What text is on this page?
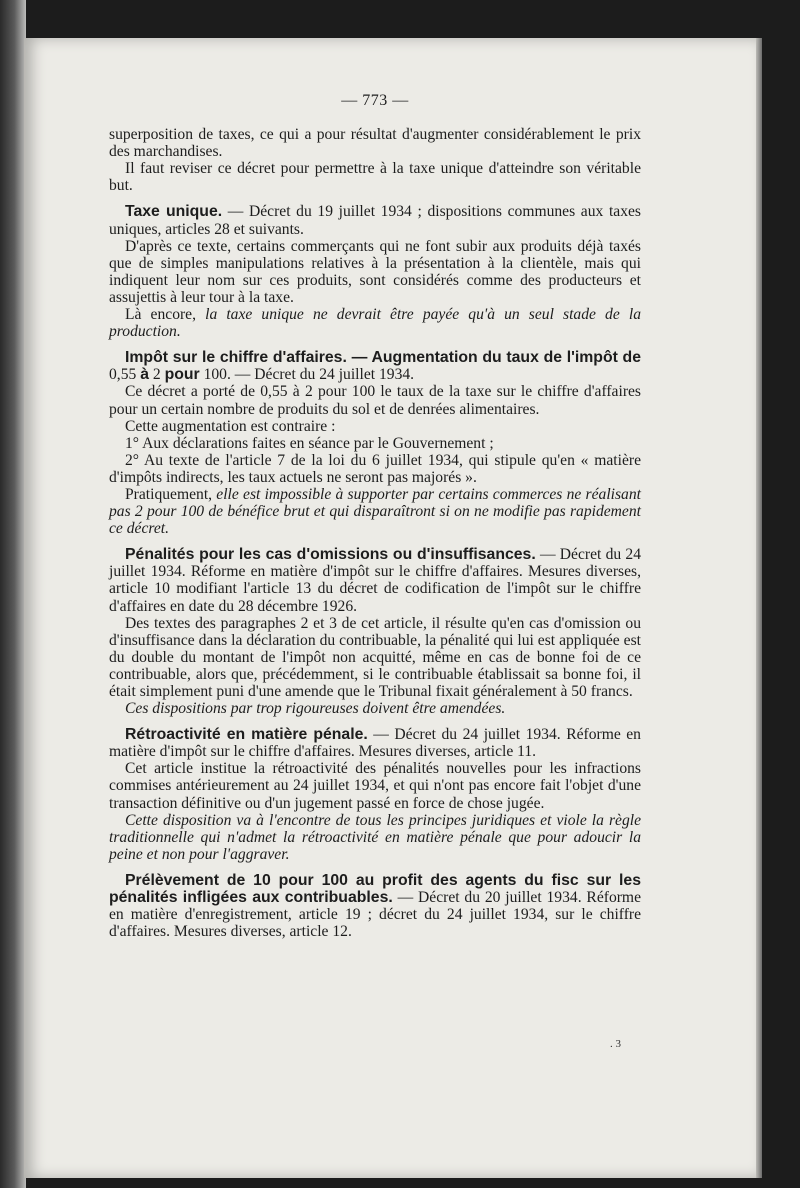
— 773 —

superposition de taxes, ce qui a pour résultat d'augmenter considérablement le prix des marchandises.

Il faut reviser ce décret pour permettre à la taxe unique d'atteindre son véritable but.

Taxe unique. — Décret du 19 juillet 1934 ; dispositions communes aux taxes uniques, articles 28 et suivants.

D'après ce texte, certains commerçants qui ne font subir aux produits déjà taxés que de simples manipulations relatives à la présentation à la clientèle, mais qui indiquent leur nom sur ces produits, sont considérés comme des producteurs et assujettis à leur tour à la taxe.

Là encore, la taxe unique ne devrait être payée qu'à un seul stade de la production.

Impôt sur le chiffre d'affaires. — Augmentation du taux de l'impôt de 0,55 à 2 pour 100. — Décret du 24 juillet 1934.

Ce décret a porté de 0,55 à 2 pour 100 le taux de la taxe sur le chiffre d'affaires pour un certain nombre de produits du sol et de denrées alimentaires.

Cette augmentation est contraire :

1° Aux déclarations faites en séance par le Gouvernement ;

2° Au texte de l'article 7 de la loi du 6 juillet 1934, qui stipule qu'en « matière d'impôts indirects, les taux actuels ne seront pas majorés ».

Pratiquement, elle est impossible à supporter par certains commerces ne réalisant pas 2 pour 100 de bénéfice brut et qui disparaîtront si on ne modifie pas rapidement ce décret.

Pénalités pour les cas d'omissions ou d'insuffisances. — Décret du 24 juillet 1934. Réforme en matière d'impôt sur le chiffre d'affaires. Mesures diverses, article 10 modifiant l'article 13 du décret de codification de l'impôt sur le chiffre d'affaires en date du 28 décembre 1926.

Des textes des paragraphes 2 et 3 de cet article, il résulte qu'en cas d'omission ou d'insuffisance dans la déclaration du contribuable, la pénalité qui lui est appliquée est du double du montant de l'impôt non acquitté, même en cas de bonne foi de ce contribuable, alors que, précédemment, si le contribuable établissait sa bonne foi, il était simplement puni d'une amende que le Tribunal fixait généralement à 50 francs.

Ces dispositions par trop rigoureuses doivent être amendées.

Rétroactivité en matière pénale. — Décret du 24 juillet 1934. Réforme en matière d'impôt sur le chiffre d'affaires. Mesures diverses, article 11.

Cet article institue la rétroactivité des pénalités nouvelles pour les infractions commises antérieurement au 24 juillet 1934, et qui n'ont pas encore fait l'objet d'une transaction définitive ou d'un jugement passé en force de chose jugée.

Cette disposition va à l'encontre de tous les principes juridiques et viole la règle traditionnelle qui n'admet la rétroactivité en matière pénale que pour adoucir la peine et non pour l'aggraver.

Prélèvement de 10 pour 100 au profit des agents du fisc sur les pénalités infligées aux contribuables. — Décret du 20 juillet 1934. Réforme en matière d'enregistrement, article 19 ; décret du 24 juillet 1934, sur le chiffre d'affaires. Mesures diverses, article 12.

. 3
